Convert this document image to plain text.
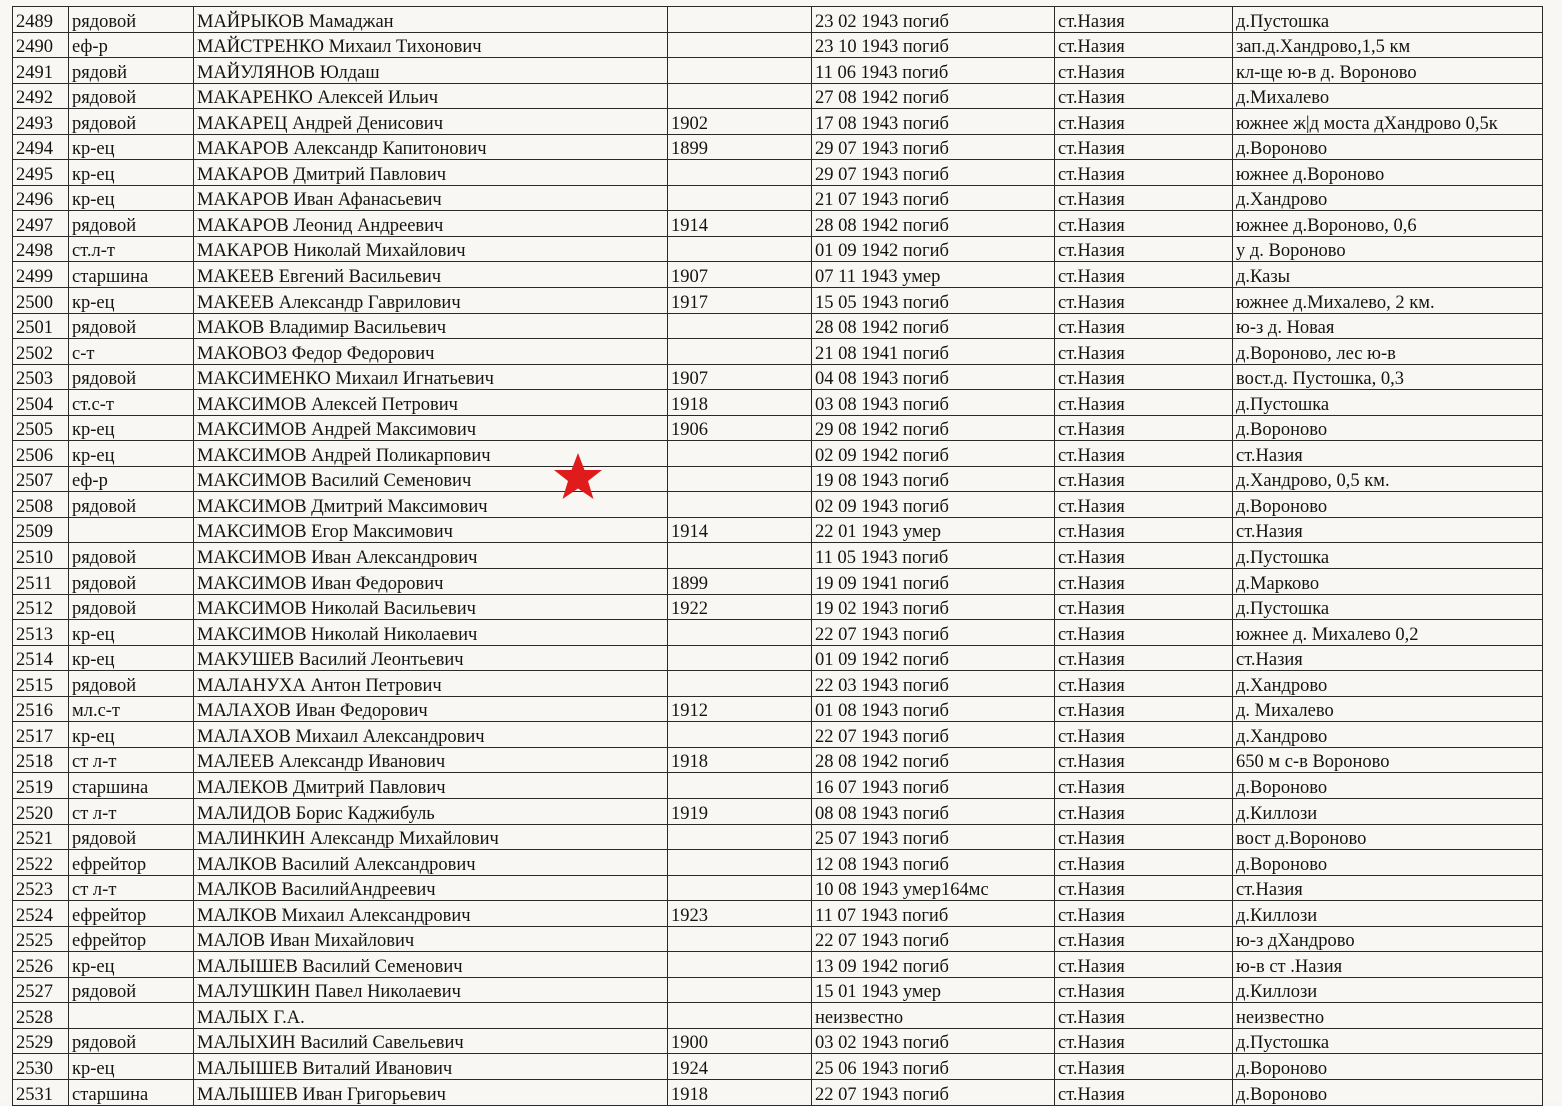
2489	рядовой	МАЙРЫКОВ Мамаджан		23 02 1943 погиб	ст.Назия	д.Пустошка
2490	еф-р	МАЙСТРЕНКО Михаил Тихонович		23 10 1943 погиб	ст.Назия	зап.д.Хандрово,1,5 км
2491	рядовй	МАЙУЛЯНОВ Юлдаш		11 06 1943 погиб	ст.Назия	кл-ще ю-в д. Вороново
2492	рядовой	МАКАРЕНКО Алексей Ильич		27 08 1942 погиб	ст.Назия	д.Михалево
2493	рядовой	МАКАРЕЦ Андрей Денисович	1902	17 08 1943 погиб	ст.Назия	южнее ж|д моста дХандрово 0,5к
2494	кр-ец	МАКАРОВ Александр Капитонович	1899	29 07 1943 погиб	ст.Назия	д.Вороново
2495	кр-ец	МАКАРОВ Дмитрий Павлович		29 07 1943 погиб	ст.Назия	южнее д.Вороново
2496	кр-ец	МАКАРОВ Иван Афанасьевич		21 07 1943 погиб	ст.Назия	д.Хандрово
2497	рядовой	МАКАРОВ Леонид Андреевич	1914	28 08 1942 погиб	ст.Назия	южнее д.Вороново, 0,6
2498	ст.л-т	МАКАРОВ Николай Михайлович		01 09 1942 погиб	ст.Назия	у д. Вороново
2499	старшина	МАКЕЕВ Евгений Васильевич	1907	07 11 1943 умер	ст.Назия	д.Казы
2500	кр-ец	МАКЕЕВ Александр Гаврилович	1917	15 05 1943 погиб	ст.Назия	южнее д.Михалево, 2 км.
2501	рядовой	МАКОВ Владимир Васильевич		28 08 1942 погиб	ст.Назия	ю-з д. Новая
2502	с-т	МАКОВОЗ Федор Федорович		21 08 1941 погиб	ст.Назия	д.Вороново, лес ю-в
2503	рядовой	МАКСИМЕНКО Михаил Игнатьевич	1907	04 08 1943 погиб	ст.Назия	вост.д. Пустошка, 0,3
2504	ст.с-т	МАКСИМОВ Алексей Петрович	1918	03 08 1943 погиб	ст.Назия	д.Пустошка
2505	кр-ец	МАКСИМОВ Андрей Максимович	1906	29 08 1942 погиб	ст.Назия	д.Вороново
2506	кр-ец	МАКСИМОВ Андрей Поликарпович		02 09 1942 погиб	ст.Назия	ст.Назия
2507	еф-р	МАКСИМОВ Василий Семенович		19 08 1943 погиб	ст.Назия	д.Хандрово, 0,5 км.
2508	рядовой	МАКСИМОВ Дмитрий Максимович		02 09 1943 погиб	ст.Назия	д.Вороново
2509		МАКСИМОВ Егор Максимович	1914	22 01 1943 умер	ст.Назия	ст.Назия
2510	рядовой	МАКСИМОВ Иван Александрович		11 05 1943 погиб	ст.Назия	д.Пустошка
2511	рядовой	МАКСИМОВ Иван Федорович	1899	19 09 1941 погиб	ст.Назия	д.Марково
2512	рядовой	МАКСИМОВ Николай Васильевич	1922	19 02 1943 погиб	ст.Назия	д.Пустошка
2513	кр-ец	МАКСИМОВ Николай Николаевич		22 07 1943 погиб	ст.Назия	южнее д. Михалево 0,2
2514	кр-ец	МАКУШЕВ Василий Леонтьевич		01 09 1942 погиб	ст.Назия	ст.Назия
2515	рядовой	МАЛАНУХА Антон Петрович		22 03 1943 погиб	ст.Назия	д.Хандрово
2516	мл.с-т	МАЛАХОВ Иван Федорович	1912	01 08 1943 погиб	ст.Назия	д. Михалево
2517	кр-ец	МАЛАХОВ Михаил Александрович		22 07 1943 погиб	ст.Назия	д.Хандрово
2518	ст л-т	МАЛЕЕВ Александр Иванович	1918	28 08 1942 погиб	ст.Назия	650 м с-в Вороново
2519	старшина	МАЛЕКОВ Дмитрий Павлович		16 07 1943 погиб	ст.Назия	д.Вороново
2520	ст л-т	МАЛИДОВ Борис Каджибуль	1919	08 08 1943 погиб	ст.Назия	д.Киллози
2521	рядовой	МАЛИНКИН Александр Михайлович		25 07 1943 погиб	ст.Назия	вост д.Вороново
2522	ефрейтор	МАЛКОВ Василий Александрович		12 08 1943 погиб	ст.Назия	д.Вороново
2523	ст л-т	МАЛКОВ ВасилийАндреевич		10 08 1943 умер164мс	ст.Назия	ст.Назия
2524	ефрейтор	МАЛКОВ Михаил Александрович	1923	11 07 1943 погиб	ст.Назия	д.Киллози
2525	ефрейтор	МАЛОВ Иван Михайлович		22 07 1943 погиб	ст.Назия	ю-з дХандрово
2526	кр-ец	МАЛЫШЕВ Василий Семенович		13 09 1942 погиб	ст.Назия	ю-в ст .Назия
2527	рядовой	МАЛУШКИН Павел Николаевич		15 01 1943 умер	ст.Назия	д.Киллози
2528		МАЛЫХ Г.А.		неизвестно	ст.Назия	неизвестно
2529	рядовой	МАЛЫХИН Василий Савельевич	1900	03 02 1943 погиб	ст.Назия	д.Пустошка
2530	кр-ец	МАЛЫШЕВ Виталий Иванович	1924	25 06 1943 погиб	ст.Назия	д.Вороново
2531	старшина	МАЛЫШЕВ Иван Григорьевич	1918	22 07 1943 погиб	ст.Назия	д.Вороново
